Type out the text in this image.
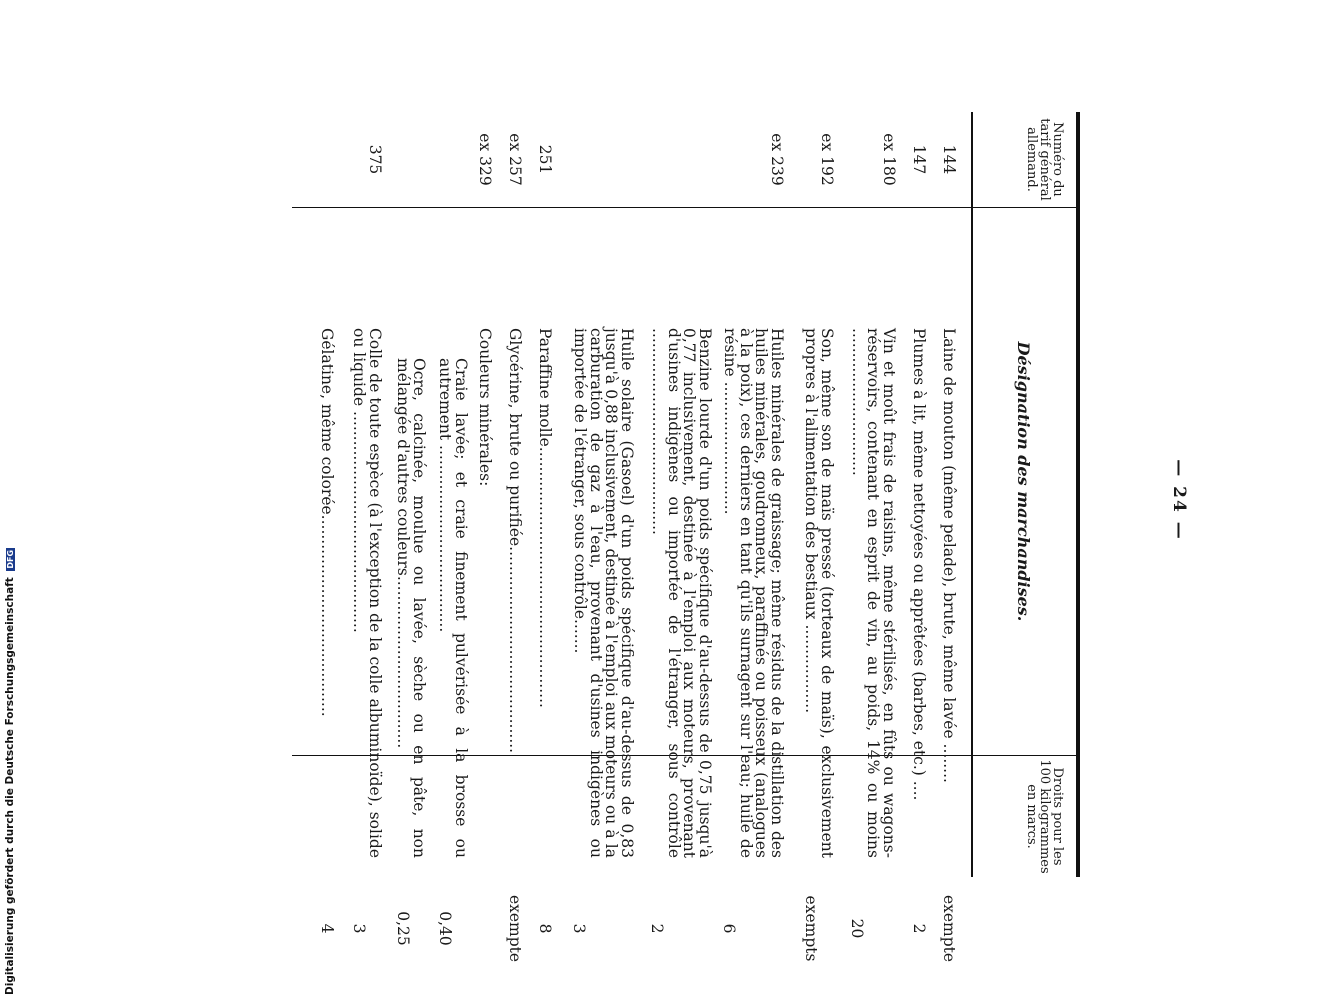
— 24 —
Numéro du tarif général allemand.
Désignation des marchandises.
Droits pour les 100 kilogrammes en marcs.
144
Laine de mouton (même pelade), brute, même lavée ........
exempte
147
Plumes à lit, même nettoyées ou apprêtées (barbes, etc.) ....
2
ex 180
Vin et moût frais de raisins, même stérilisés, en fûts ou wagons-réservoirs, contenant en esprit de vin, au poids, 14% ou moins ..............................
20
ex 192
Son, même son de maïs pressé (torteaux de maïs), exclusivement propres à l'alimentation des bestiaux ..................
exempts
ex 239
Huiles minérales de graissage; même résidus de la distillation des huiles minérales, goudronneux, paraffinés ou poisseux (analogues à la poix), ces derniers en tant qu'ils surnagent sur l'eau; huile de résine ...........................
6
Benzine lourde d'un poids spécifique d'au-dessus de 0,75 jusqu'à 0,77 inclusivement, destinée à l'emploi aux moteurs, provenant d'usines indigènes ou importée de l'étranger, sous contrôle ..........................................
2
Huile solaire (Gasoel) d'un poids spécifique d'au-dessus de 0,83 jusqu'à 0,88 inclusivement, destinée à l'emploi aux moteurs ou à la carburation de gaz à l'eau, provenant d'usines indigènes ou importée de l'étranger, sous contrôle.......
3
251
Paraffine molle.....................................................
8
ex 257
Glycérine, brute ou purifiée..........................................
exempte
ex 329
Couleurs minérales:
Craie lavée; et craie finement pulvérisée à la brosse ou autrement ......................................
0,40
Ocre, calcinée, moulue ou lavée, sèche ou en pâte, non mélangée d'autres couleurs...................................
0,25
375
Colle de toute espèce (à l'exception de la colle albuminoïde), solide ou liquide .............................................
3
Gélatine, même colorée.........................................
4
Digitalisierung gefördert durch die Deutsche Forschungsgemeinschaft DFG
